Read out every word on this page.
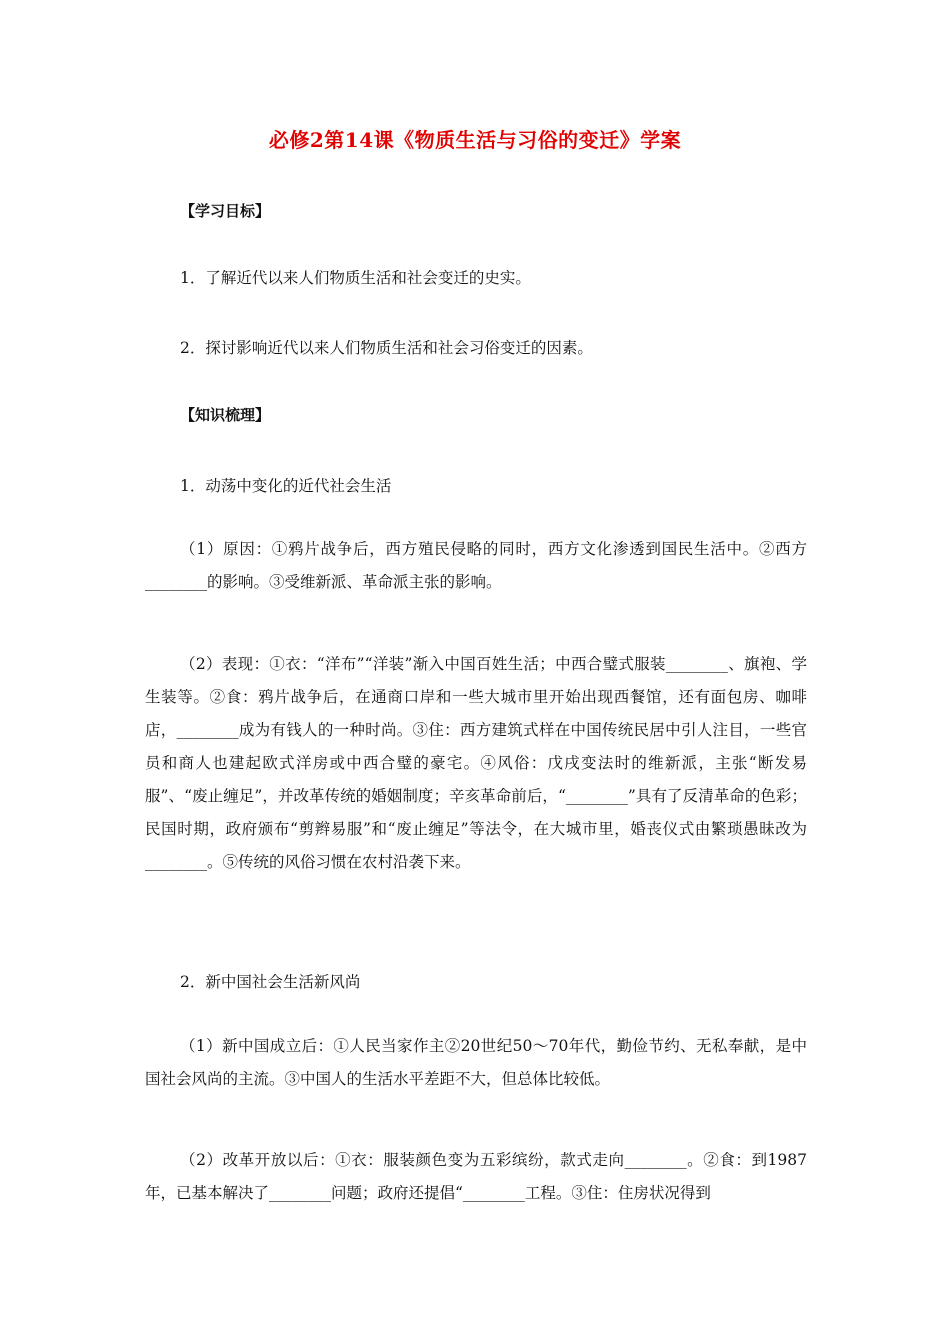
必修2第14课《物质生活与习俗的变迁》学案
【学习目标】
1．了解近代以来人们物质生活和社会变迁的史实。
2．探讨影响近代以来人们物质生活和社会习俗变迁的因素。
【知识梳理】
1．动荡中变化的近代社会生活
（1）原因：①鸦片战争后，西方殖民侵略的同时，西方文化渗透到国民生活中。②西方________的影响。③受维新派、革命派主张的影响。
（2）表现：①衣：“洋布”“洋装”渐入中国百姓生活；中西合璧式服装________、旗袍、学生装等。②食：鸦片战争后，在通商口岸和一些大城市里开始出现西餐馆，还有面包房、咖啡店，________成为有钱人的一种时尚。③住：西方建筑式样在中国传统民居中引人注目，一些官员和商人也建起欧式洋房或中西合璧的豪宅。④风俗：戊戌变法时的维新派，主张“断发易服”、“废止缠足”，并改革传统的婚姻制度；辛亥革命前后，“________”具有了反清革命的色彩；民国时期，政府颁布“剪辫易服”和“废止缠足”等法令，在大城市里，婚丧仪式由繁琐愚昧改为________。⑤传统的风俗习惯在农村沿袭下来。
2．新中国社会生活新风尚
（1）新中国成立后：①人民当家作主②20世纪50～70年代，勤俭节约、无私奉献，是中国社会风尚的主流。③中国人的生活水平差距不大，但总体比较低。
（2）改革开放以后：①衣：服装颜色变为五彩缤纷，款式走向________。②食：到1987年，已基本解决了________问题；政府还提倡“________工程。③住：住房状况得到
